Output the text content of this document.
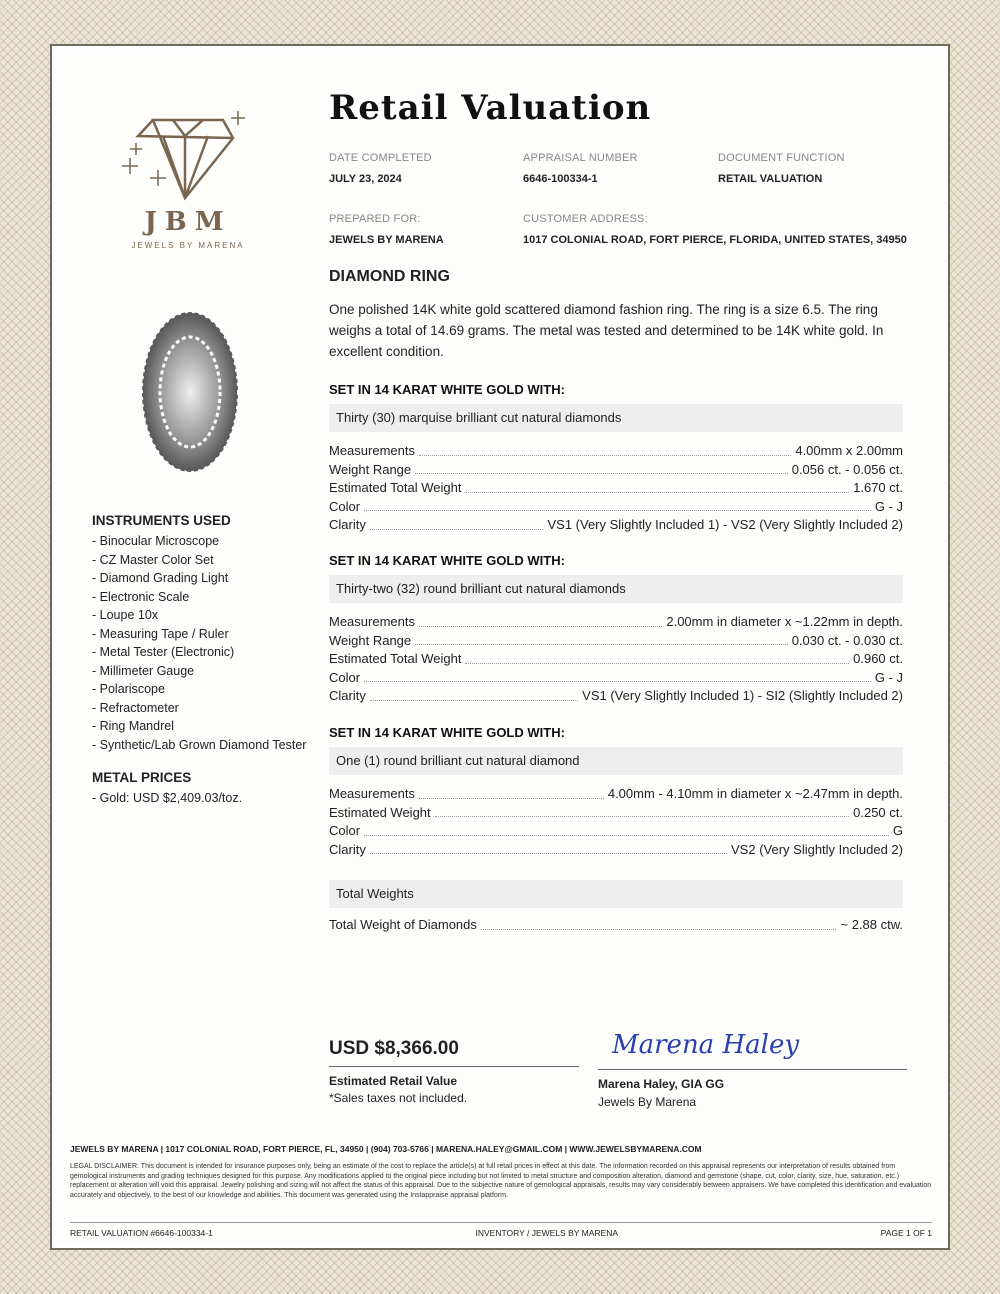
JBM
JEWELS BY MARENA
Retail Valuation
DATE COMPLETED
JULY 23, 2024
APPRAISAL NUMBER
6646-100334-1
DOCUMENT FUNCTION
RETAIL VALUATION
PREPARED FOR:
JEWELS BY MARENA
CUSTOMER ADDRESS:
1017 COLONIAL ROAD, FORT PIERCE, FLORIDA, UNITED STATES, 34950
DIAMOND RING
One polished 14K white gold scattered diamond fashion ring. The ring is a size 6.5. The ring weighs a total of 14.69 grams. The metal was tested and determined to be 14K white gold. In excellent condition.
SET IN 14 KARAT WHITE GOLD WITH:
Thirty (30) marquise brilliant cut natural diamonds
Measurements	4.00mm x 2.00mm
Weight Range	0.056 ct. - 0.056 ct.
Estimated Total Weight	1.670 ct.
Color	G - J
Clarity	VS1 (Very Slightly Included 1) - VS2 (Very Slightly Included 2)
SET IN 14 KARAT WHITE GOLD WITH:
Thirty-two (32) round brilliant cut natural diamonds
Measurements	2.00mm in diameter x ~1.22mm in depth.
Weight Range	0.030 ct. - 0.030 ct.
Estimated Total Weight	0.960 ct.
Color	G - J
Clarity	VS1 (Very Slightly Included 1) - SI2 (Slightly Included 2)
SET IN 14 KARAT WHITE GOLD WITH:
One (1) round brilliant cut natural diamond
Measurements	4.00mm - 4.10mm in diameter x ~2.47mm in depth.
Estimated Weight	0.250 ct.
Color	G
Clarity	VS2 (Very Slightly Included 2)
Total Weights
Total Weight of Diamonds	~ 2.88 ctw.
INSTRUMENTS USED
- Binocular Microscope
- CZ Master Color Set
- Diamond Grading Light
- Electronic Scale
- Loupe 10x
- Measuring Tape / Ruler
- Metal Tester (Electronic)
- Millimeter Gauge
- Polariscope
- Refractometer
- Ring Mandrel
- Synthetic/Lab Grown Diamond Tester
METAL PRICES
- Gold: USD $2,409.03/toz.
USD $8,366.00
Estimated Retail Value
*Sales taxes not included.
Marena Haley
Marena Haley, GIA GG
Jewels By Marena
JEWELS BY MARENA | 1017 COLONIAL ROAD, FORT PIERCE, FL, 34950 | (904) 703-5766 | MARENA.HALEY@GMAIL.COM | WWW.JEWELSBYMARENA.COM
LEGAL DISCLAIMER: This document is intended for insurance purposes only, being an estimate of the cost to replace the article(s) at full retail prices in effect at this date. The information recorded on this appraisal represents our interpretation of results obtained from gemological instruments and grading techniques designed for this purpose. Any modifications applied to the original piece including but not limited to metal structure and composition alteration, diamond and gemstone (shape, cut, color, clarity, size, hue, saturation, etc.) replacement or alteration will void this appraisal. Jewelry polishing and sizing will not affect the status of this appraisal. Due to the subjective nature of gemological appraisals, results may vary considerably between appraisers. We have completed this identification and evaluation accurately and objectively, to the best of our knowledge and abilities. This document was generated using the Instappraise appraisal platform.
RETAIL VALUATION #6646-100334-1	INVENTORY / JEWELS BY MARENA	PAGE 1 OF 1
